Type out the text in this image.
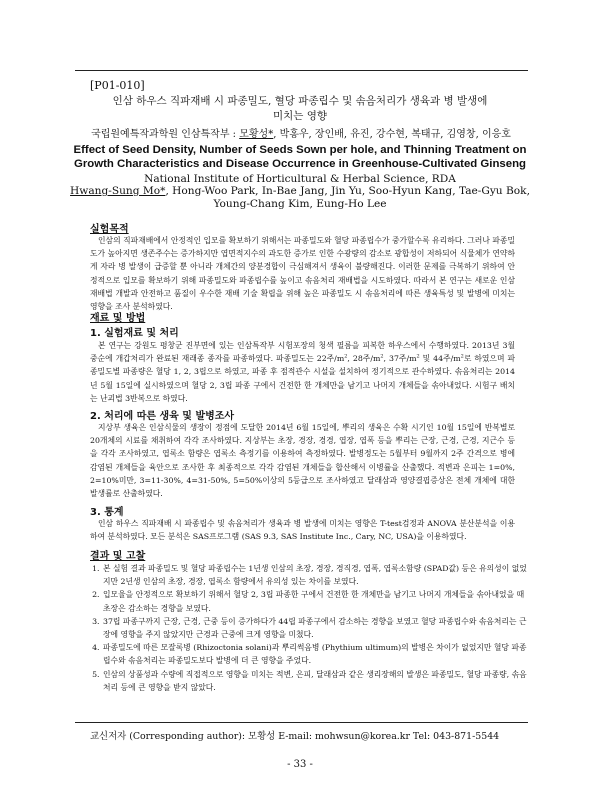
[P01-010]
인삼 하우스 직파재배 시 파종밀도, 혈당 파종립수 및 솎음처리가 생육과 병 발생에
미치는 영향
국립원예특작과학원 인삼특작부 : 모황성*, 박홍우, 장인배, 유진, 강수현, 복태규, 김영창, 이응호
Effect of Seed Density, Number of Seeds Sown per hole, and Thinning Treatment on
Growth Characteristics and Disease Occurrence in Greenhouse-Cultivated Ginseng
National Institute of Horticultural & Herbal Science, RDA
Hwang-Sung Mo*, Hong-Woo Park, In-Bae Jang, Jin Yu, Soo-Hyun Kang, Tae-Gyu Bok,
Young-Chang Kim, Eung-Ho Lee
실험목적
인삼의 직파재배에서 안정적인 입모를 확보하기 위해서는 파종밀도와 혈당 파종립수가 중가할수록 유리하다. 그러나 파종밀도가 높아지면 생존주수는 증가하지만 엽면적지수의 과도한 증가로 인한 수광량의 감소로 광합성이 저하되어 식물체가 연약하게 자라 병 발생이 급증할 뿐 아니라 개체간의 양분경합이 극심해져서 생육이 불량해진다. 이러한 문제를 극복하기 위하여 안정적으로 입모를 확보하기 위해 파종밀도와 파종립수를 높이고 솎음처리 재배법을 시도하였다. 따라서 본 연구는 새로운 인삼재배법 개발과 안전하고 품질이 우수한 재배 기술 확립을 위해 높은 파종밀도 시 솎음처리에 따른 생육특성 및 발병에 미치는 영향을 조사 분석하였다.
재료 및 방법
1. 실험재료 및 처리
본 연구는 강원도 평창군 진부면에 있는 인삼특작부 시험포장의 청색 필름을 피복한 하우스에서 수행하였다. 2013년 3월 중순에 개갑처리가 완료된 재래종 종자를 파종하였다. 파종밀도는 22주$/m^2$, 28주$/m^2$, 37주$/m^2$ 및 44주$/m^2$로 하였으며 파종밀도별 파종량은 혈당 1, 2, 3립으로 하였고, 파종 후 점적관수 시설을 설치하여 정기적으로 관수하였다. 솎음처리는 2014년 5월 15일에 실시하였으며 혈당 2, 3립 파종 구에서 건전한 한 개체만을 남기고 나머지 개체들을 솎아내었다. 시험구 배치는 난괴법 3반복으로 하였다.
2. 처리에 따른 생육 및 발병조사
지상부 생육은 인삼식물의 생장이 정점에 도달한 2014년 6월 15일에, 뿌리의 생육은 수확 시기인 10월 15일에 반복별로 20개체의 시료를 채취하여 각각 조사하였다. 지상부는 초장, 경장, 경경, 엽장, 엽폭 등을 뿌리는 근장, 근경, 근경, 지근수 등을 각각 조사하였고, 엽록소 함량은 엽록소 측정기를 이용하여 측정하였다. 발병정도는 5월부터 9월까지 2주 간격으로 병에 감염된 개체들을 육안으로 조사한 후 최종적으로 각각 감염된 개체들을 합산해서 이병률을 산출했다. 적변과 은피는 1=0%, 2=10%미만, 3=11-30%, 4=31-50%, 5=50%이상의 5등급으로 조사하였고 달래삼과 영양결핍증상은 전체 개체에 대한 발생률로 산출하였다.
3. 통계
인삼 하우스 직파재배 시 파종립수 및 솎음처리가 생육과 병 발생에 미치는 영향은 T-test검정과 ANOVA 분산분석을 이용하여 분석하였다. 모든 분석은 SAS프로그램 (SAS 9.3, SAS Institute Inc., Cary, NC, USA)을 이용하였다.
결과 및 고찰
1. 본 실험 결과 파종밀도 및 혈당 파종립수는 1년생 인삼의 초장, 경장, 경직경, 엽폭, 엽록소함량 (SPAD값) 등은 유의성이 없었지만 2년생 인삼의 초장, 경장, 엽록소 함량에서 유의성 있는 차이를 보였다.
2. 입모율을 안정적으로 확보하기 위해서 혈당 2, 3립 파종한 구에서 건전한 한 개체만을 남기고 나머지 개체들을 솎아내었을 때 초장은 감소하는 경향을 보였다.
3. 37립 파종구까지 근장, 근경, 근중 등이 증가하다가 44립 파종구에서 감소하는 경향을 보였고 혈당 파종립수와 솎음처리는 근장에 영향을 주지 않았지만 근경과 근중에 크게 영향을 미쳤다.
4. 파종밀도에 따른 모잘록병 (Rhizoctonia solani)과 뿌리썩음병 (Phythium ultimum)의 발병은 차이가 없었지만 혈당 파종립수와 솎음처리는 파종밀도보다 발병에 더 큰 영향을 주었다.
5. 인삼의 상품성과 수량에 직접적으로 영향을 미치는 적변, 은피, 달래삼과 같은 생리장해의 발생은 파종밀도, 혈당 파종량, 솎음처리 등에 큰 영향을 받지 않았다.
교신저자 (Corresponding author): 모황성 E-mail: mohwsun@korea.kr Tel: 043-871-5544
- 33 -
